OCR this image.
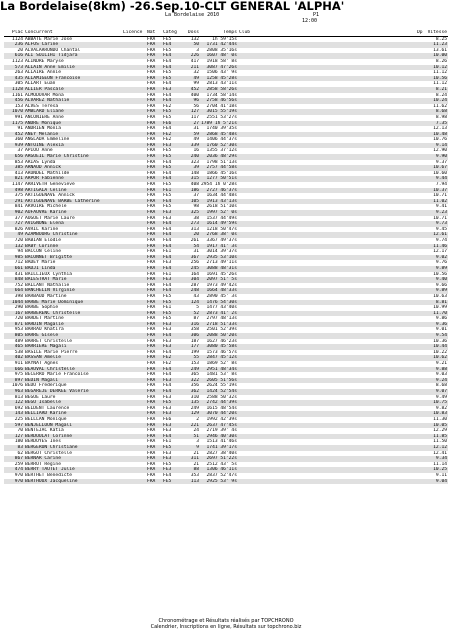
La Bordelaise(8km) -26.Sep.10-CLT GENERAL 'ALPHA'
La Bordelaise 2010	P1
12:00
Plac	Concurrent	Licence	Nat	Catég	Doss	Temps	Club	Dp	Vitesse
1124	ABBATE Marie Jose		FRA	FE5	132	1h 59'15s			8.25
236	ALFOS Carine		FRA	FE4	50	1731 42'44s			11.23
20	ALVALARRONDO Chantal		FRA	FE5	3	2808 35'16s			13.61
616	ALI SOILIHI Tidjara		FRA	FE4	226	1607 48' 0s			10.00
1123	ALINDRE Maryse		FRA	FE4	417	1918 58' 8s			8.26
573	ALLAIN Anne Emilie		FRA	FE4	211	3087 47'26s			10.12
263	ALLAIRE Annie		FRA	FE5	32	1506 43' 9s			11.12
435	ALLAMIGEON Francoise		FRA	FE5	49	1258 45'28s			10.56
305	ALLART Euan		FRA	FE4	99	2813 43'11s			11.12
1128	ALLIER Pascale		FRA	FE3	452	2858 58'26s			8.21
1161	ALMODOVAR Mona		FRA	FE4	400	1734 58'14s			8.24
456	ALVAREZ Nathalie		FRA	FE4	96	2758 46'56s			10.24
153	ALVES Teresa		FRA	FE2	56	2704 41'18s			11.62
1070	AMBLARD Eliane		FRA	FE5	127	3015 55'19s			8.68
991	ANCONIERE Anne		FRA	FE5	117	2551 53'27s			8.98
1175	ANDRE Monique		FRA	FE6	27	1789 1h 5'21s			7.35
91	ANDRIEN Monia		FRA	FE4	31	1740 39'35s			12.13
452	ANEY Melanie		FRA	FE2	59	2868 45'48s			10.48
360	ANGLADA Emmeline		FRA	FE2	49	1406 44'37s			10.76
939	ANTOINE Alexia		FRA	FE3	339	1760 52'30s			9.14
37	APIOU Anne		FRA	FE5	16	1355 37'12s			12.90
656	ARGUEIL Marie Christine		FRA	FE5	240	2036 48'29s			9.90
853	ARIAS Lynda		FRA	FE4	323	1798 51'13s			9.37
385	ARNAUD Annick		FRA	FE5	39	2757 44'58s			10.67
413	ARONDEL Mathilde		FRA	FE4	148	1866 45'16s			10.60
821	ARPOR Fabienne		FRA	FE4	315	1277 50'51s			9.44
1147	ARRIVETH Genevieve		FRA	FE5	408	2954 1h 0'28s			7.94
498	ARTIGALA Celine		FRA	FE1	186	2727 46'37s			10.37
375	ARTIGUENAVE Annick		FRA	FE5	37	1634 44'48s			10.71
291	ARTIGUENAVE BARBE Catherine		FRA	FE4	105	1913 43'13s			11.02
841	ARVOIRE Michele		FRA	FE5	98	2618 51'10s			9.41
902	AUFAUVRE Karine		FRA	FE3	325	1997 52' 0s			9.23
377	AUGUET Marie Laure		FRA	FE3	38	1537 44'49s			10.71
727	AVIGNONE Elena		FRA	FE4	273	1614 49'59s			9.73
826	AVRIL Karine		FRA	FE4	313	1218 50'47s			9.45
49	AZAMBOURG Christine		FRA	FE4	20	2768 38' 0s			12.61
720	BABIAN Elodie		FRA	FE4	261	3367 49'37s			9.74
132	BABY Corinne		FRA	FE4	54	1917 41' 3s			11.46
94	BACCON Celine		FRA	FE1	31	3014 39'37s			12.17
985	BACONNET Brigitte		FRA	FE4	367	2935 53'10s			9.02
712	BADEY Marie		FRA	FE3	256	2713 49'11s			9.76
661	BADJI Linda		FRA	FE4	245	3088 48'31s			9.89
431	BAILLIEUX Cynthia		FRA	FE1	164	1691 45'26s			10.56
848	BALESTRAT Marie		FRA	FE3	304	2097 51' 5s			9.40
752	BALLANT Nathalie		FRA	FE4	287	1973 49'42s			9.66
664	BANCHELIN Virginie		FRA	FE4	248	1664 48'33s			9.89
398	BARBAUD Martine		FRA	FE5	43	2890 45' 3s			10.63
1044	BARBE Marie Dominique		FRA	FE5	124	1476 54'30s			8.81
290	BARBE Sophie		FRA	FE1	5	1477 43'40s			10.99
167	BARBERENC Christelle		FRA	FE5	52	2873 41' 2s			11.70
720	BARDET Martine		FRA	FE5	87	2797 48'13s			9.86
871	BARDIN Magalie		FRA	FE3	316	2718 51'33s			9.36
953	BARRAU Khatira		FRA	FE3	358	2501 52'39s			9.01
805	BARRE Gisele		FRA	FE4	306	2088 50'20s			9.54
489	BARRET Christelle		FRA	FE3	187	1627 46'23s			10.36
465	BARRIERE Magali		FRA	FE3	177	3080 45'58s			10.44
538	BASILE Marie Pierre		FRA	FE4	199	1573 46'57s			10.22
402	BASSAN Amelie		FRA	FE2	55	2847 45'12s			10.62
911	BAYNAT Agnes		FRA	FE2	153	1869 52' 8s			9.21
666	BEAUVAL Christelle		FRA	FE4	249	2951 48'34s			9.88
975	BECERRO Marie Francoise		FRA	FE4	365	1481 53' 8s			9.03
897	BEDIN Magali		FRA	FE3	322	2605 51'56s			9.24
1076	BEDU Frederique		FRA	FE4	356	2624 55'19s			8.68
963	BEGAREJE DERKEE Valerie		FRA	FE4	362	1424 52'54s			9.07
813	BEGUE Laure		FRA	FE3	310	2588 50'32s			9.49
122	BEGU Isabelle		FRA	FE5	135	2742 44'39s			10.75
692	BELDENT Laurence		FRA	FE3	249	1615 48'54s			9.82
143	BELLIARD Karine		FRA	FE3	129	3070 44'20s			10.83
225	BELLLAN Monique		FRA	FE6	2	1992 42'39s			11.30
597	BENJELLOUN Magali		FRA	FE3	221	2637 47'45s			10.05
70	BENTEJAC Katia		FRA	FE3	24	2719 39' 4s			12.29
127	BERDOULAT Corinne		FRA	FE4	51	2946 40'30s			11.85
180	BERDOYES Ines		FRA	FE1	3	1513 41'46s			11.50
83	BERGERON Christiane		FRA	FE5	9	1741 39'17s			12.12
62	BERGOT Christelle		FRA	FE3	21	2827 38'40s			12.41
867	BERNAR Carine		FRA	FE3	311	2697 51'22s			9.34
259	BERROT Regine		FRA	FE5	21	2512 43' 5s			11.14
474	BERRY TAUTET Julie		FRA	FE3	88	1306 46'11s			10.25
970	BERTHET Benedicte		FRA	FE4	353	2837 52'47s			9.11
970	BERTHOUX Jacqueline		FRA	FE5	113	2925 53' 9s			9.04
Chronométrage et Résultats réalisés par TOPCHRONO
Calendrier, Inscriptions en ligne, Résultats sur topchrono.biz
